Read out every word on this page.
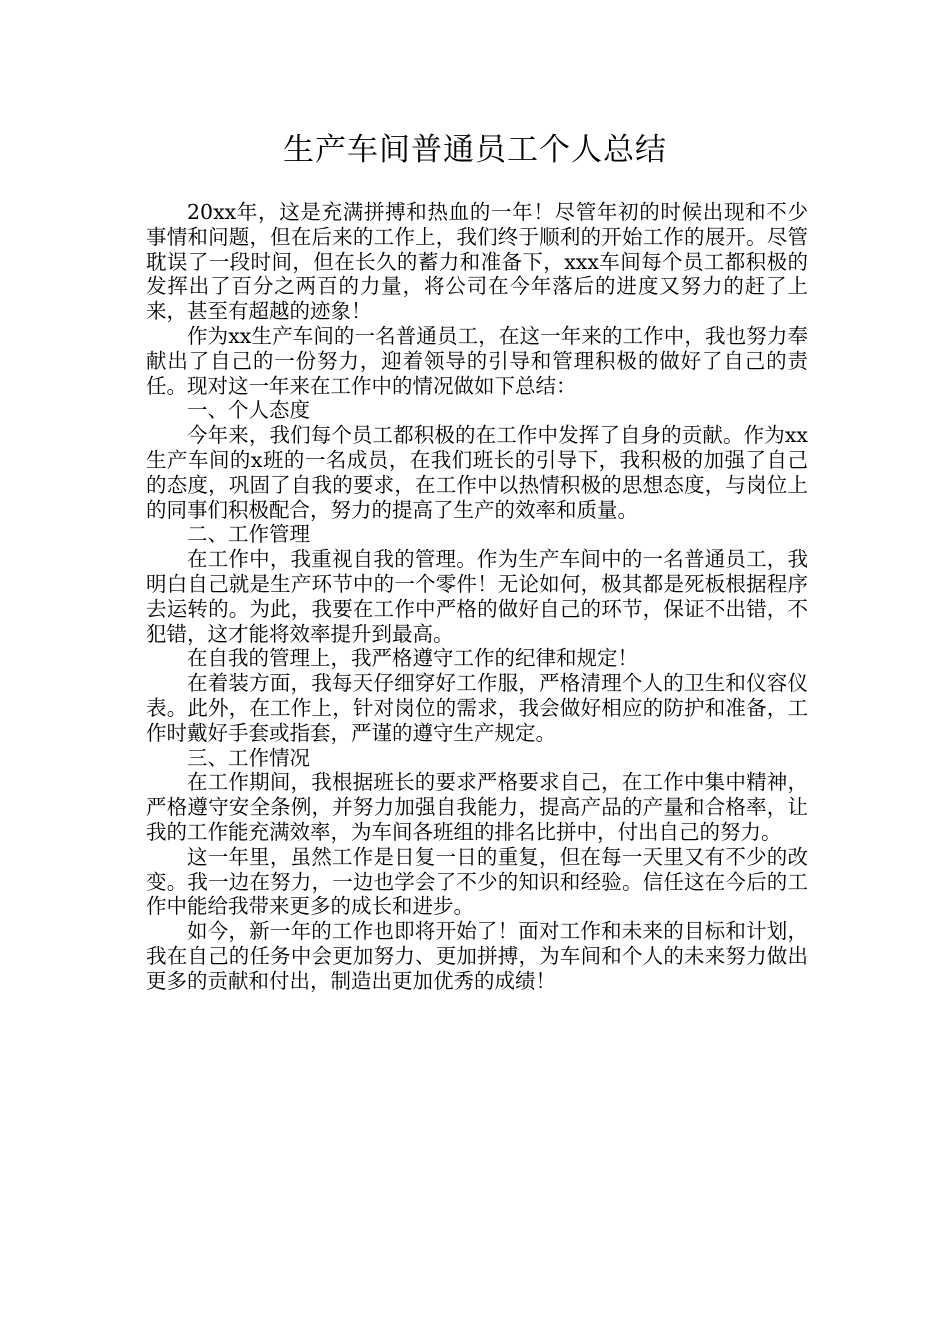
生产车间普通员工个人总结

20xx年，这是充满拼搏和热血的一年！尽管年初的时候出现和不少事情和问题，但在后来的工作上，我们终于顺利的开始工作的展开。尽管耽误了一段时间，但在长久的蓄力和准备下，xxx车间每个员工都积极的发挥出了百分之两百的力量，将公司在今年落后的进度又努力的赶了上来，甚至有超越的迹象！

作为xx生产车间的一名普通员工，在这一年来的工作中，我也努力奉献出了自己的一份努力，迎着领导的引导和管理积极的做好了自己的责任。现对这一年来在工作中的情况做如下总结：

一、个人态度

今年来，我们每个员工都积极的在工作中发挥了自身的贡献。作为xx生产车间的x班的一名成员，在我们班长的引导下，我积极的加强了自己的态度，巩固了自我的要求，在工作中以热情积极的思想态度，与岗位上的同事们积极配合，努力的提高了生产的效率和质量。

二、工作管理

在工作中，我重视自我的管理。作为生产车间中的一名普通员工，我明白自己就是生产环节中的一个零件！无论如何，极其都是死板根据程序去运转的。为此，我要在工作中严格的做好自己的环节，保证不出错，不犯错，这才能将效率提升到最高。

在自我的管理上，我严格遵守工作的纪律和规定！

在着装方面，我每天仔细穿好工作服，严格清理个人的卫生和仪容仪表。此外，在工作上，针对岗位的需求，我会做好相应的防护和准备，工作时戴好手套或指套，严谨的遵守生产规定。

三、工作情况

在工作期间，我根据班长的要求严格要求自己，在工作中集中精神，严格遵守安全条例，并努力加强自我能力，提高产品的产量和合格率，让我的工作能充满效率，为车间各班组的排名比拼中，付出自己的努力。

这一年里，虽然工作是日复一日的重复，但在每一天里又有不少的改变。我一边在努力，一边也学会了不少的知识和经验。信任这在今后的工作中能给我带来更多的成长和进步。

如今，新一年的工作也即将开始了！面对工作和未来的目标和计划，我在自己的任务中会更加努力、更加拼搏，为车间和个人的未来努力做出更多的贡献和付出，制造出更加优秀的成绩！
